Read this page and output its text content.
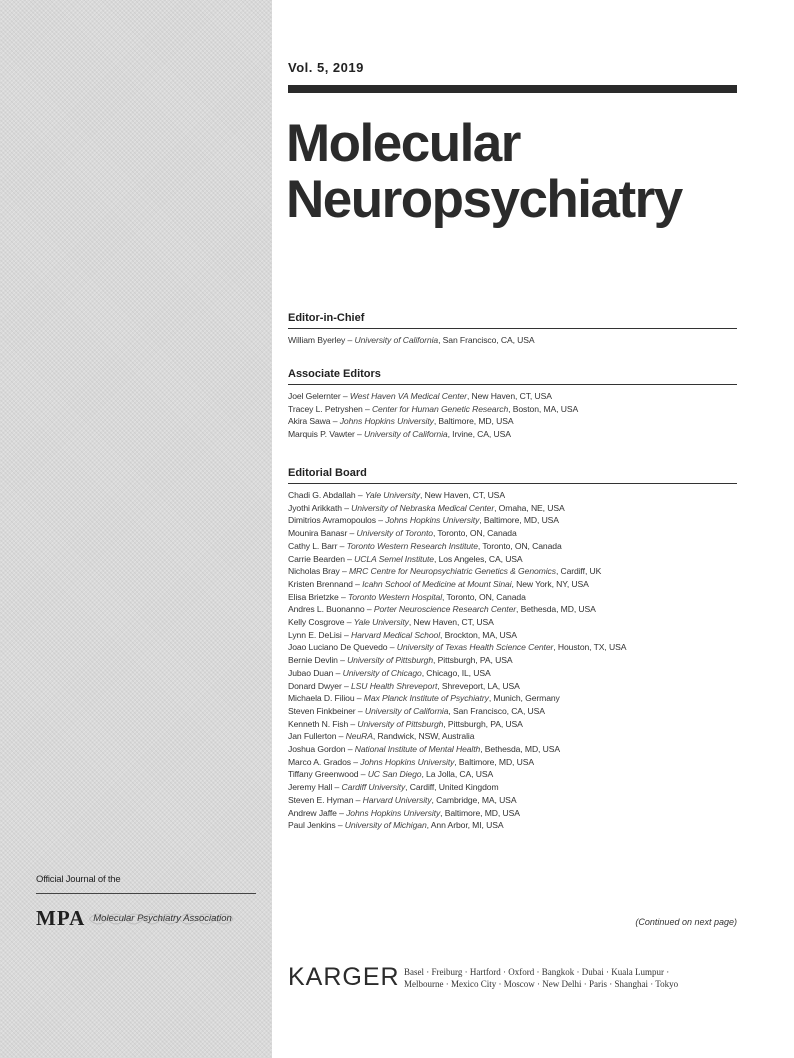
Official Journal of the
MPA Molecular Psychiatry Association
Vol. 5, 2019
Molecular
Neuropsychiatry
Editor-in-Chief
William Byerley – University of California, San Francisco, CA, USA
Associate Editors
Joel Gelernter – West Haven VA Medical Center, New Haven, CT, USA
Tracey L. Petryshen – Center for Human Genetic Research, Boston, MA, USA
Akira Sawa – Johns Hopkins University, Baltimore, MD, USA
Marquis P. Vawter – University of California, Irvine, CA, USA
Editorial Board
Chadi G. Abdallah – Yale University, New Haven, CT, USA
Jyothi Arikkath – University of Nebraska Medical Center, Omaha, NE, USA
Dimitrios Avramopoulos – Johns Hopkins University, Baltimore, MD, USA
Mounira Banasr – University of Toronto, Toronto, ON, Canada
Cathy L. Barr – Toronto Western Research Institute, Toronto, ON, Canada
Carrie Bearden – UCLA Semel Institute, Los Angeles, CA, USA
Nicholas Bray – MRC Centre for Neuropsychiatric Genetics & Genomics, Cardiff, UK
Kristen Brennand – Icahn School of Medicine at Mount Sinai, New York, NY, USA
Elisa Brietzke – Toronto Western Hospital, Toronto, ON, Canada
Andres L. Buonanno – Porter Neuroscience Research Center, Bethesda, MD, USA
Kelly Cosgrove – Yale University, New Haven, CT, USA
Lynn E. DeLisi – Harvard Medical School, Brockton, MA, USA
Joao Luciano De Quevedo – University of Texas Health Science Center, Houston, TX, USA
Bernie Devlin – University of Pittsburgh, Pittsburgh, PA, USA
Jubao Duan – University of Chicago, Chicago, IL, USA
Donard Dwyer – LSU Health Shreveport, Shreveport, LA, USA
Michaela D. Filiou – Max Planck Institute of Psychiatry, Munich, Germany
Steven Finkbeiner – University of California, San Francisco, CA, USA
Kenneth N. Fish – University of Pittsburgh, Pittsburgh, PA, USA
Jan Fullerton – NeuRA, Randwick, NSW, Australia
Joshua Gordon – National Institute of Mental Health, Bethesda, MD, USA
Marco A. Grados – Johns Hopkins University, Baltimore, MD, USA
Tiffany Greenwood – UC San Diego, La Jolla, CA, USA
Jeremy Hall – Cardiff University, Cardiff, United Kingdom
Steven E. Hyman – Harvard University, Cambridge, MA, USA
Andrew Jaffe – Johns Hopkins University, Baltimore, MD, USA
Paul Jenkins – University of Michigan, Ann Arbor, MI, USA
(Continued on next page)
KARGER Basel · Freiburg · Hartford · Oxford · Bangkok · Dubai · Kuala Lumpur ·
Melbourne · Mexico City · Moscow · New Delhi · Paris · Shanghai · Tokyo
